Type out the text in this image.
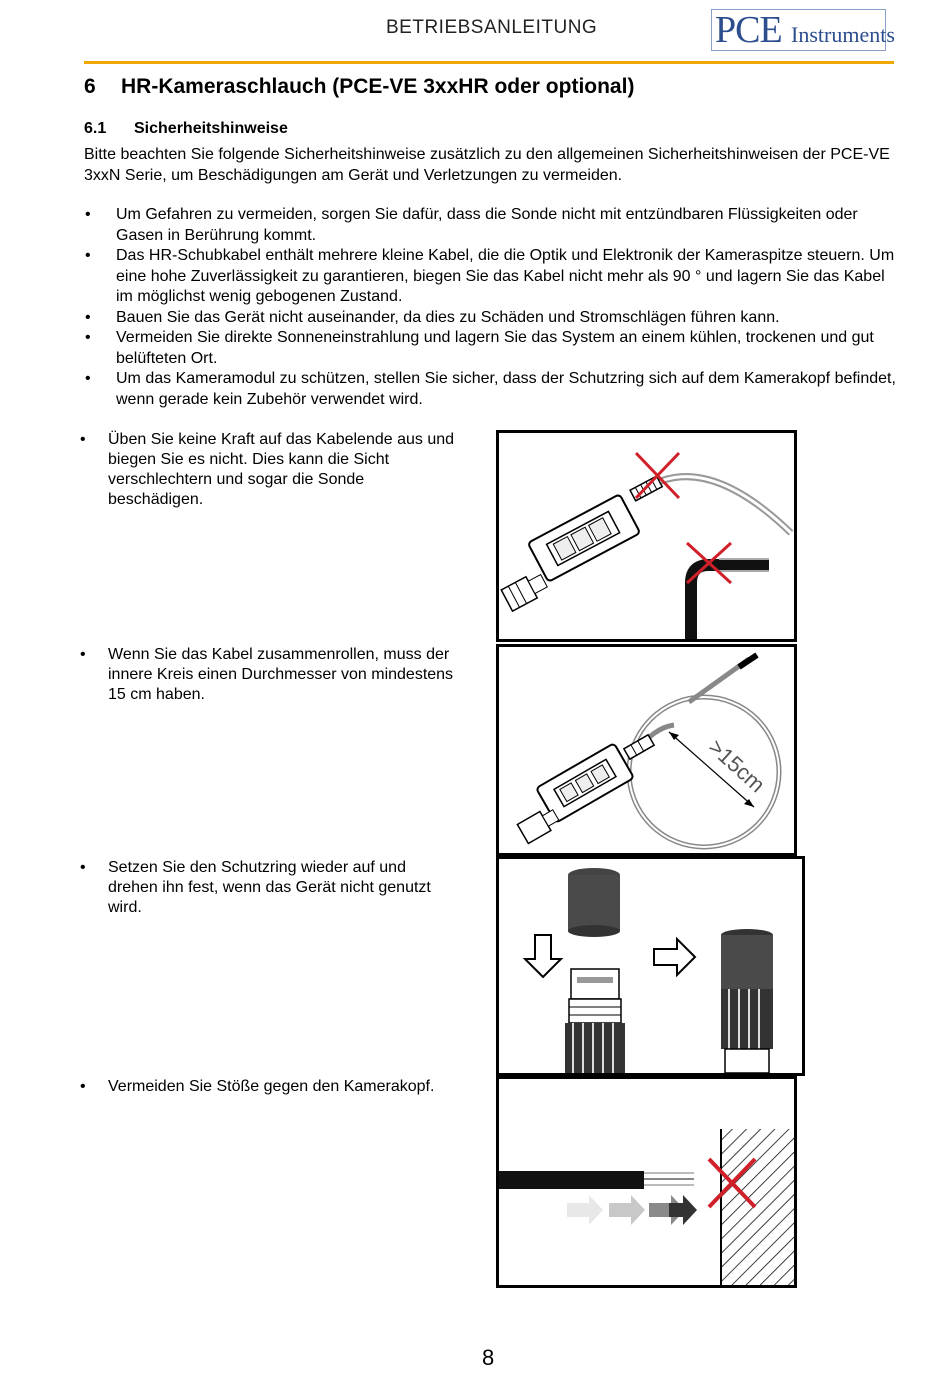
BETRIEBSANLEITUNG	PCE Instruments
6 HR-Kameraschlauch (PCE-VE 3xxHR oder optional)
6.1 Sicherheitshinweise
Bitte beachten Sie folgende Sicherheitshinweise zusätzlich zu den allgemeinen Sicherheitshinweisen der PCE-VE 3xxN Serie, um Beschädigungen am Gerät und Verletzungen zu vermeiden.
• Um Gefahren zu vermeiden, sorgen Sie dafür, dass die Sonde nicht mit entzündbaren Flüssigkeiten oder Gasen in Berührung kommt.
• Das HR-Schubkabel enthält mehrere kleine Kabel, die die Optik und Elektronik der Kameraspitze steuern. Um eine hohe Zuverlässigkeit zu garantieren, biegen Sie das Kabel nicht mehr als 90 ° und lagern Sie das Kabel im möglichst wenig gebogenen Zustand.
• Bauen Sie das Gerät nicht auseinander, da dies zu Schäden und Stromschlägen führen kann.
• Vermeiden Sie direkte Sonneneinstrahlung und lagern Sie das System an einem kühlen, trockenen und gut belüfteten Ort.
• Um das Kameramodul zu schützen, stellen Sie sicher, dass der Schutzring sich auf dem Kamerakopf befindet, wenn gerade kein Zubehör verwendet wird.
• Üben Sie keine Kraft auf das Kabelende aus und biegen Sie es nicht. Dies kann die Sicht verschlechtern und sogar die Sonde beschädigen.
• Wenn Sie das Kabel zusammenrollen, muss der innere Kreis einen Durchmesser von mindestens 15 cm haben.
• Setzen Sie den Schutzring wieder auf und drehen ihn fest, wenn das Gerät nicht genutzt wird.
• Vermeiden Sie Stöße gegen den Kamerakopf.
>15cm
8
